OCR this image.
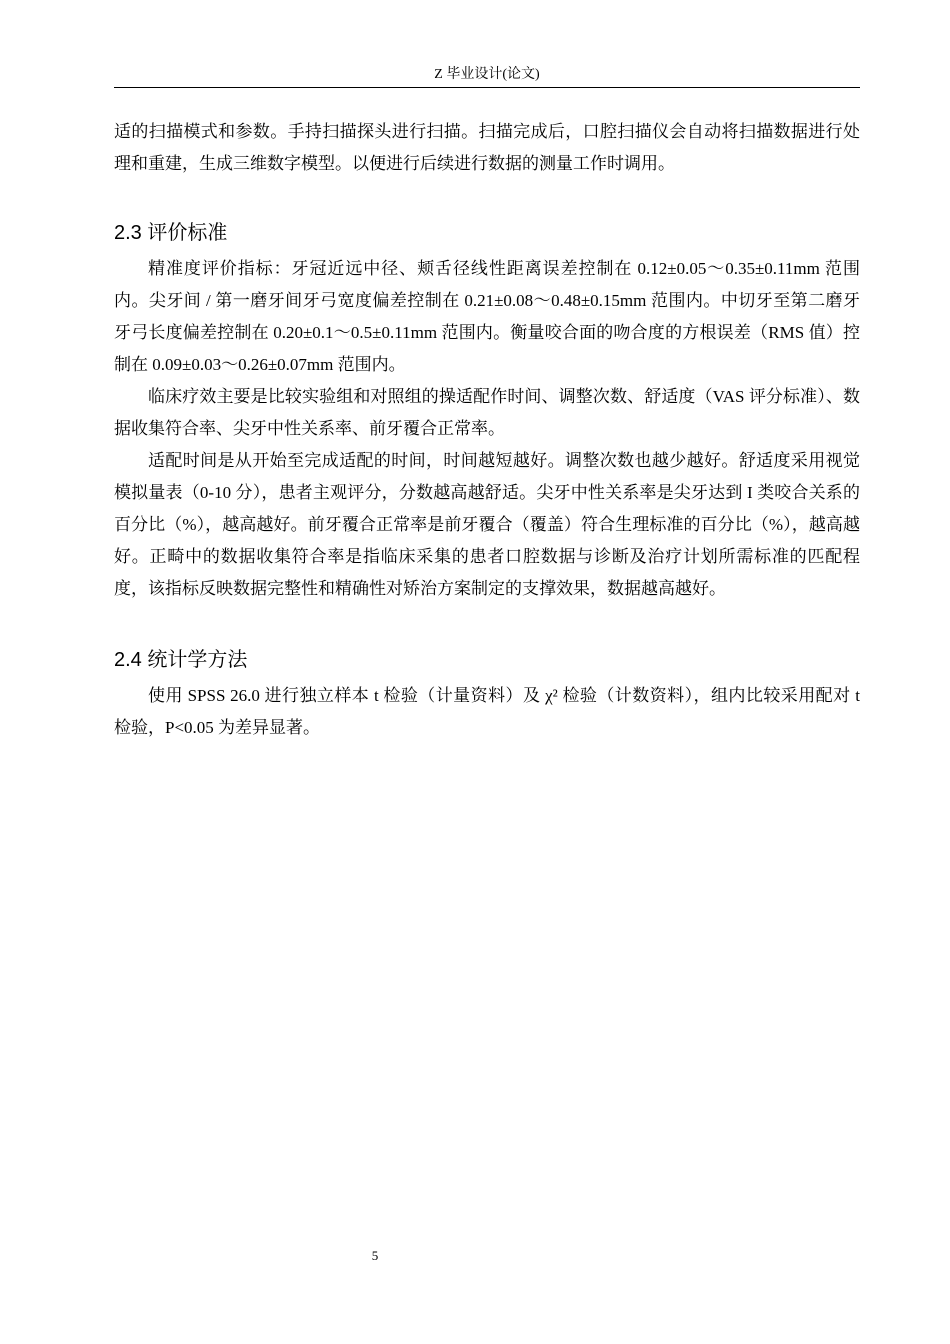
Z 毕业设计(论文)

适的扫描模式和参数。手持扫描探头进行扫描。扫描完成后，口腔扫描仪会自动将扫描数据进行处理和重建，生成三维数字模型。以便进行后续进行数据的测量工作时调用。

2.3 评价标准

精准度评价指标：牙冠近远中径、颊舌径线性距离误差控制在 0.12±0.05～0.35±0.11mm 范围内。尖牙间 / 第一磨牙间牙弓宽度偏差控制在 0.21±0.08～0.48±0.15mm 范围内。中切牙至第二磨牙牙弓长度偏差控制在 0.20±0.1～0.5±0.11mm 范围内。衡量咬合面的吻合度的方根误差（RMS 值）控制在 0.09±0.03～0.26±0.07mm 范围内。

临床疗效主要是比较实验组和对照组的操适配作时间、调整次数、舒适度（VAS 评分标准）、数据收集符合率、尖牙中性关系率、前牙覆合正常率。

适配时间是从开始至完成适配的时间，时间越短越好。调整次数也越少越好。舒适度采用视觉模拟量表（0-10 分），患者主观评分，分数越高越舒适。尖牙中性关系率是尖牙达到 I 类咬合关系的百分比（%），越高越好。前牙覆合正常率是前牙覆合（覆盖）符合生理标准的百分比（%），越高越好。正畸中的数据收集符合率是指临床采集的患者口腔数据与诊断及治疗计划所需标准的匹配程度，该指标反映数据完整性和精确性对矫治方案制定的支撑效果，数据越高越好。

2.4 统计学方法

使用 SPSS 26.0 进行独立样本 t 检验（计量资料）及 χ² 检验（计数资料），组内比较采用配对 t 检验，P<0.05 为差异显著。

5
